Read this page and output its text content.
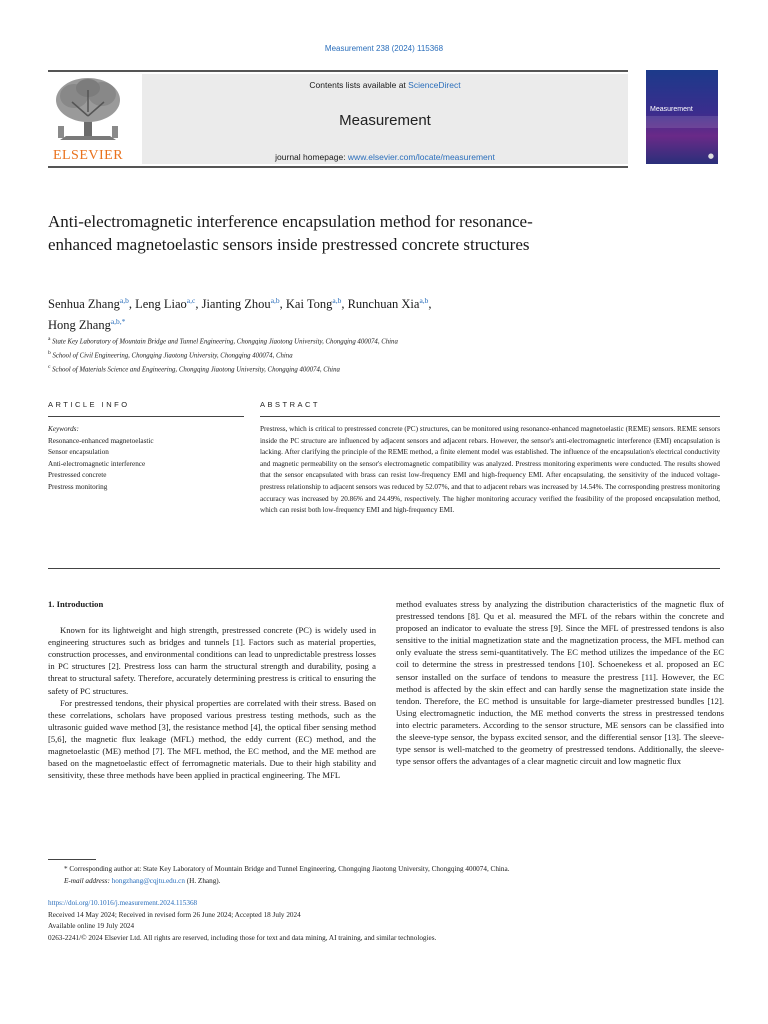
Measurement 238 (2024) 115368
ELSEVIER
Contents lists available at ScienceDirect
Measurement
journal homepage: www.elsevier.com/locate/measurement
Measurement
●
Anti-electromagnetic interference encapsulation method for resonance-enhanced magnetoelastic sensors inside prestressed concrete structures
Senhua Zhang$^{a,b}$, Leng Liao$^{a,c}$, Jianting Zhou$^{a,b}$, Kai Tong$^{a,b}$, Runchuan Xia$^{a,b}$,
Hong Zhang$^{a,b,*}$
$^a$ State Key Laboratory of Mountain Bridge and Tunnel Engineering, Chongqing Jiaotong University, Chongqing 400074, China
$^b$ School of Civil Engineering, Chongqing Jiaotong University, Chongqing 400074, China
$^c$ School of Materials Science and Engineering, Chongqing Jiaotong University, Chongqing 400074, China
ARTICLE INFO	ABSTRACT
Keywords:
Resonance-enhanced magnetoelastic
Sensor encapsulation
Anti-electromagnetic interference
Prestressed concrete
Prestress monitoring
Prestress, which is critical to prestressed concrete (PC) structures, can be monitored using resonance-enhanced magnetoelastic (REME) sensors. REME sensors inside the PC structure are influenced by adjacent sensors and adjacent rebars. However, the sensor's anti-electromagnetic interference (EMI) encapsulation is lacking. After clarifying the principle of the REME method, a finite element model was established. The influence of the encapsulation's electrical conductivity and magnetic permeability on the sensor's electromagnetic compatibility was analyzed. Prestress monitoring experiments were conducted. The results showed that the sensor encapsulated with brass can resist low-frequency EMI and high-frequency EMI. After encapsulating, the sensitivity of the induced voltage-prestress relationship to adjacent sensors was reduced by 52.07%, and that to adjacent rebars was increased by 14.54%. The corresponding prestress monitoring accuracy was increased by 20.86% and 24.49%, respectively. The higher monitoring accuracy verified the feasibility of the proposed encapsulation method, which can resist both low-frequency EMI and high-frequency EMI.

1. Introduction

Known for its lightweight and high strength, prestressed concrete (PC) is widely used in engineering structures such as bridges and tunnels [1]. Factors such as material properties, construction processes, and environmental conditions can lead to unpredictable prestress losses in PC structures [2]. Prestress loss can harm the structural strength and durability, posing a threat to structural safety. Therefore, accurately determining prestress is critical to ensuring the safety of PC structures.

For prestressed tendons, their physical properties are correlated with their stress. Based on these correlations, scholars have proposed various prestress testing methods, such as the ultrasonic guided wave method [3], the resistance method [4], the optical fiber sensing method [5,6], the magnetic flux leakage (MFL) method, the eddy current (EC) method, and the magnetoelastic (ME) method [7]. The MFL method, the EC method, and the ME method are based on the magnetoelastic effect of ferromagnetic materials. Due to their high stability and sensitivity, these three methods have been applied in practical engineering. The MFL

method evaluates stress by analyzing the distribution characteristics of the magnetic flux of prestressed tendons [8]. Qu et al. measured the MFL of the rebars within the concrete and proposed an indicator to evaluate the stress [9]. Since the MFL of prestressed tendons is also sensitive to the initial magnetization state and the magnetization process, the MFL method can only evaluate the stress semi-quantitatively. The EC method utilizes the impedance of the EC coil to determine the stress in prestressed tendons [10]. Schoenekess et al. proposed an EC sensor installed on the surface of tendons to measure the prestress [11]. However, the EC method is affected by the skin effect and can hardly sense the magnetization state inside the tendon. Therefore, the EC method is unsuitable for large-diameter prestressed bundles [12]. Using electromagnetic induction, the ME method converts the stress in prestressed tendons into electric parameters. According to the sensor structure, ME sensors can be classified into the sleeve-type sensor, the bypass excited sensor, and the differential sensor [13]. The sleeve-type sensor is well-matched to the geometry of prestressed tendons. Additionally, the sleeve-type sensor offers the advantages of a clear magnetic circuit and low magnetic flux

* Corresponding author at: State Key Laboratory of Mountain Bridge and Tunnel Engineering, Chongqing Jiaotong University, Chongqing 400074, China.
E-mail address: hongzhang@cqjtu.edu.cn (H. Zhang).
https://doi.org/10.1016/j.measurement.2024.115368
Received 14 May 2024; Received in revised form 26 June 2024; Accepted 18 July 2024
Available online 19 July 2024
0263-2241/© 2024 Elsevier Ltd. All rights are reserved, including those for text and data mining, AI training, and similar technologies.
